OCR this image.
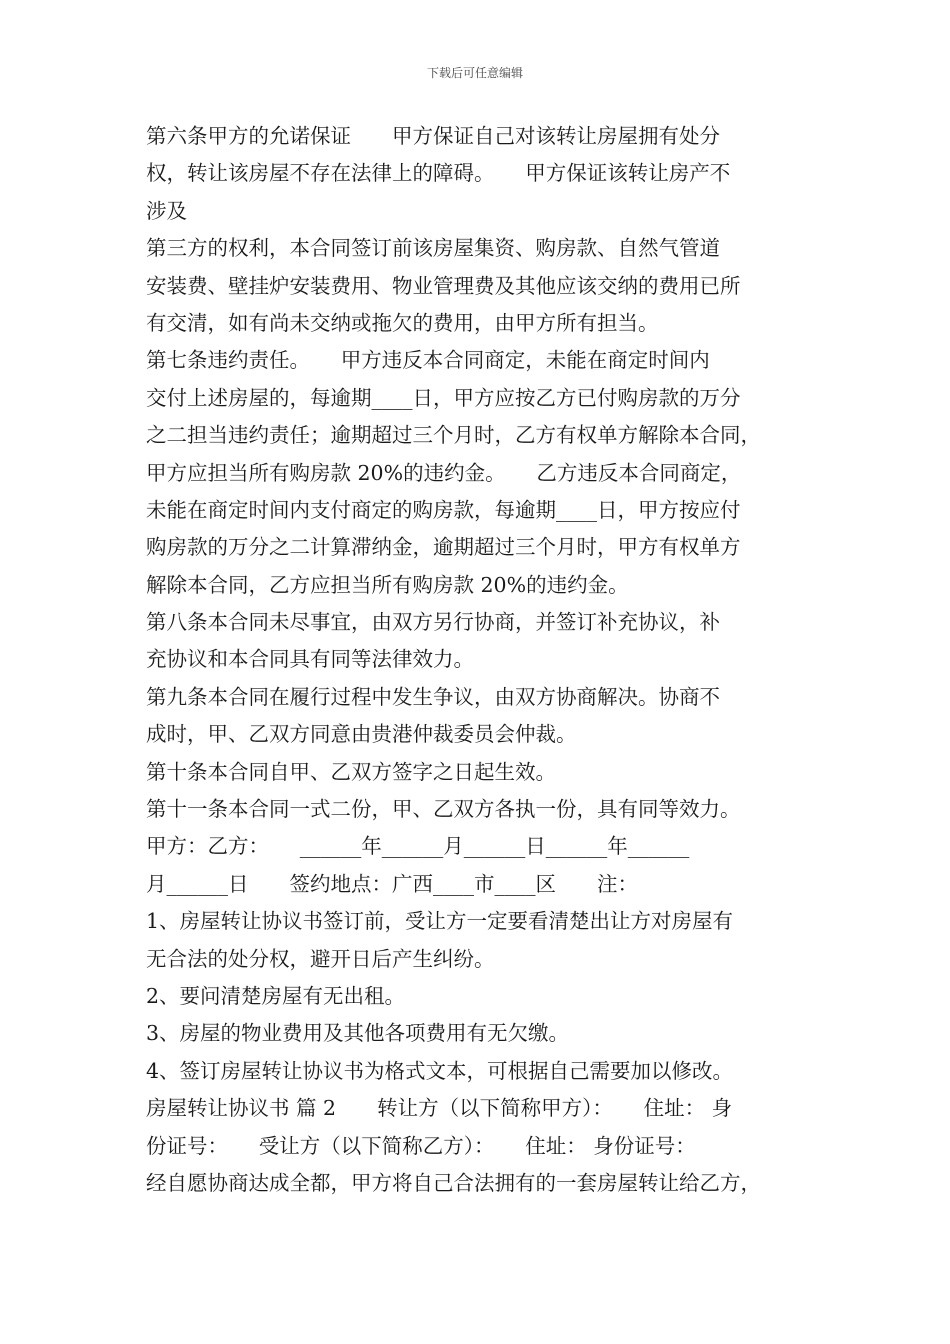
下载后可任意编辑
第六条甲方的允诺保证　　甲方保证自己对该转让房屋拥有处分
权，转让该房屋不存在法律上的障碍。　　甲方保证该转让房产不
涉及
第三方的权利，本合同签订前该房屋集资、购房款、自然气管道
安装费、壁挂炉安装费用、物业管理费及其他应该交纳的费用已所
有交清，如有尚未交纳或拖欠的费用，由甲方所有担当。
第七条违约责任。　　甲方违反本合同商定，未能在商定时间内
交付上述房屋的，每逾期____日，甲方应按乙方已付购房款的万分
之二担当违约责任；逾期超过三个月时，乙方有权单方解除本合同，
甲方应担当所有购房款 20%的违约金。　　乙方违反本合同商定，
未能在商定时间内支付商定的购房款，每逾期____日，甲方按应付
购房款的万分之二计算滞纳金，逾期超过三个月时，甲方有权单方
解除本合同，乙方应担当所有购房款 20%的违约金。
第八条本合同未尽事宜，由双方另行协商，并签订补充协议，补
充协议和本合同具有同等法律效力。
第九条本合同在履行过程中发生争议，由双方协商解决。协商不
成时，甲、乙双方同意由贵港仲裁委员会仲裁。
第十条本合同自甲、乙双方签字之日起生效。
第十一条本合同一式二份，甲、乙双方各执一份，具有同等效力。
甲方：乙方：　　______年______月______日______年______
月______日　　签约地点：广西____市____区　　注：
1、房屋转让协议书签订前，受让方一定要看清楚出让方对房屋有
无合法的处分权，避开日后产生纠纷。
2、要问清楚房屋有无出租。
3、房屋的物业费用及其他各项费用有无欠缴。
4、签订房屋转让协议书为格式文本，可根据自己需要加以修改。
房屋转让协议书 篇 2　　转让方（以下简称甲方）：　　住址： 身
份证号：　　受让方（以下简称乙方）：　　住址： 身份证号：
经自愿协商达成全都，甲方将自己合法拥有的一套房屋转让给乙方，
